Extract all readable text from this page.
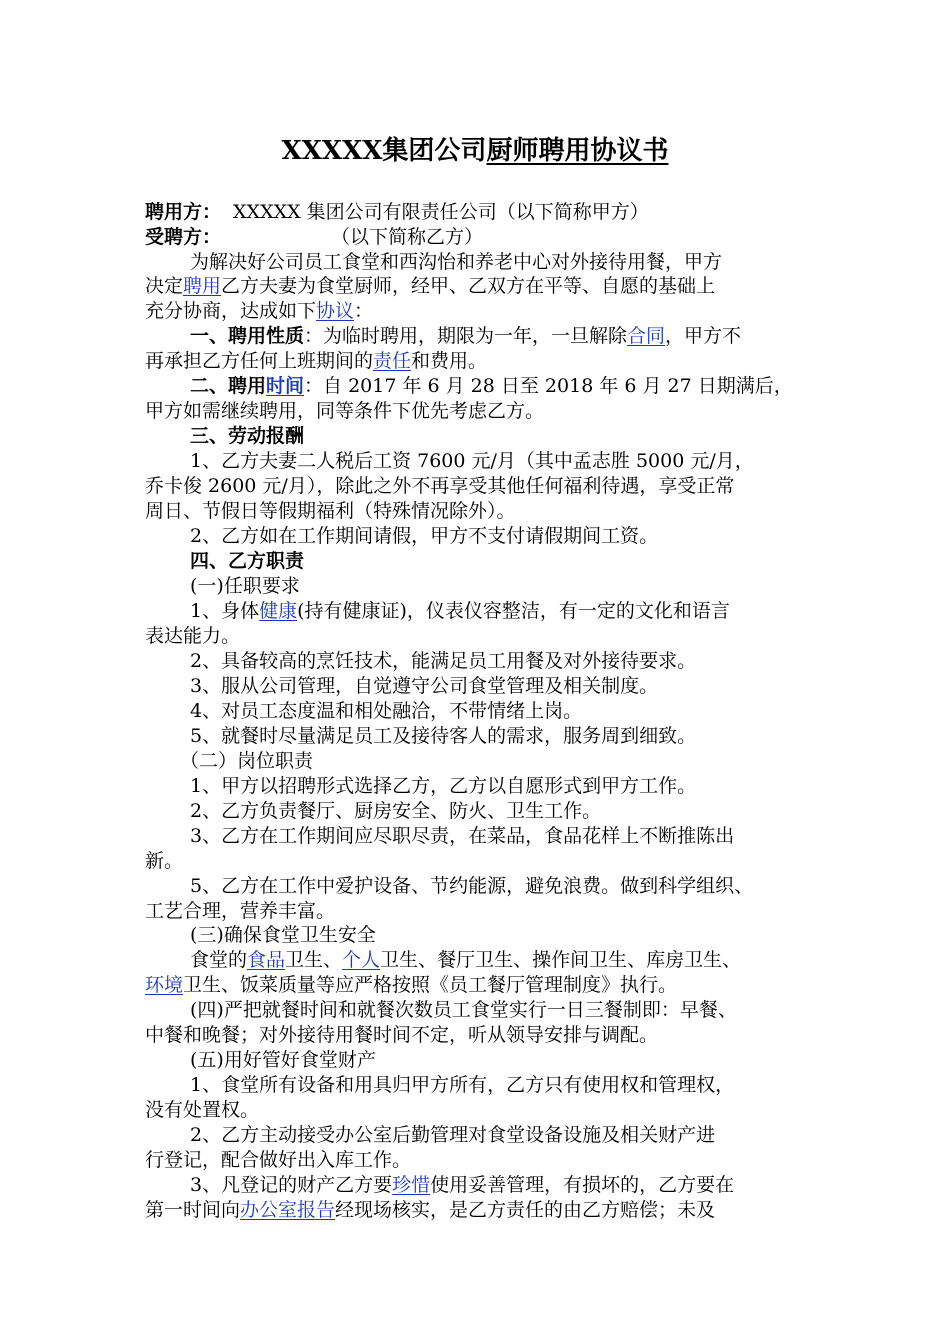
XXXXX集团公司厨师聘用协议书
聘用方： XXXXX 集团公司有限责任公司（以下简称甲方）
受聘方：	（以下简称乙方）
为解决好公司员工食堂和西沟怡和养老中心对外接待用餐，甲方
决定聘用乙方夫妻为食堂厨师，经甲、乙双方在平等、自愿的基础上
充分协商，达成如下协议：
一、聘用性质：为临时聘用，期限为一年，一旦解除合同，甲方不
再承担乙方任何上班期间的责任和费用。
二、聘用时间：自 2017 年 6 月 28 日至 2018 年 6 月 27 日期满后，
甲方如需继续聘用，同等条件下优先考虑乙方。
三、劳动报酬
1、乙方夫妻二人税后工资 7600 元/月（其中孟志胜 5000 元/月，
乔卡俊 2600 元/月），除此之外不再享受其他任何福利待遇，享受正常
周日、节假日等假期福利（特殊情况除外）。
2、乙方如在工作期间请假，甲方不支付请假期间工资。
四、乙方职责
(一)任职要求
1、身体健康(持有健康证)，仪表仪容整洁，有一定的文化和语言
表达能力。
2、具备较高的烹饪技术，能满足员工用餐及对外接待要求。
3、服从公司管理，自觉遵守公司食堂管理及相关制度。
4、对员工态度温和相处融洽，不带情绪上岗。
5、就餐时尽量满足员工及接待客人的需求，服务周到细致。
（二）岗位职责
1、甲方以招聘形式选择乙方，乙方以自愿形式到甲方工作。
2、乙方负责餐厅、厨房安全、防火、卫生工作。
3、乙方在工作期间应尽职尽责，在菜品，食品花样上不断推陈出
新。
5、乙方在工作中爱护设备、节约能源，避免浪费。做到科学组织、
工艺合理，营养丰富。
(三)确保食堂卫生安全
食堂的食品卫生、个人卫生、餐厅卫生、操作间卫生、库房卫生、
环境卫生、饭菜质量等应严格按照《员工餐厅管理制度》执行。
(四)严把就餐时间和就餐次数员工食堂实行一日三餐制即：早餐、
中餐和晚餐；对外接待用餐时间不定，听从领导安排与调配。
(五)用好管好食堂财产
1、食堂所有设备和用具归甲方所有，乙方只有使用权和管理权，
没有处置权。
2、乙方主动接受办公室后勤管理对食堂设备设施及相关财产进
行登记，配合做好出入库工作。
3、凡登记的财产乙方要珍惜使用妥善管理，有损坏的，乙方要在
第一时间向办公室报告经现场核实，是乙方责任的由乙方赔偿；未及
